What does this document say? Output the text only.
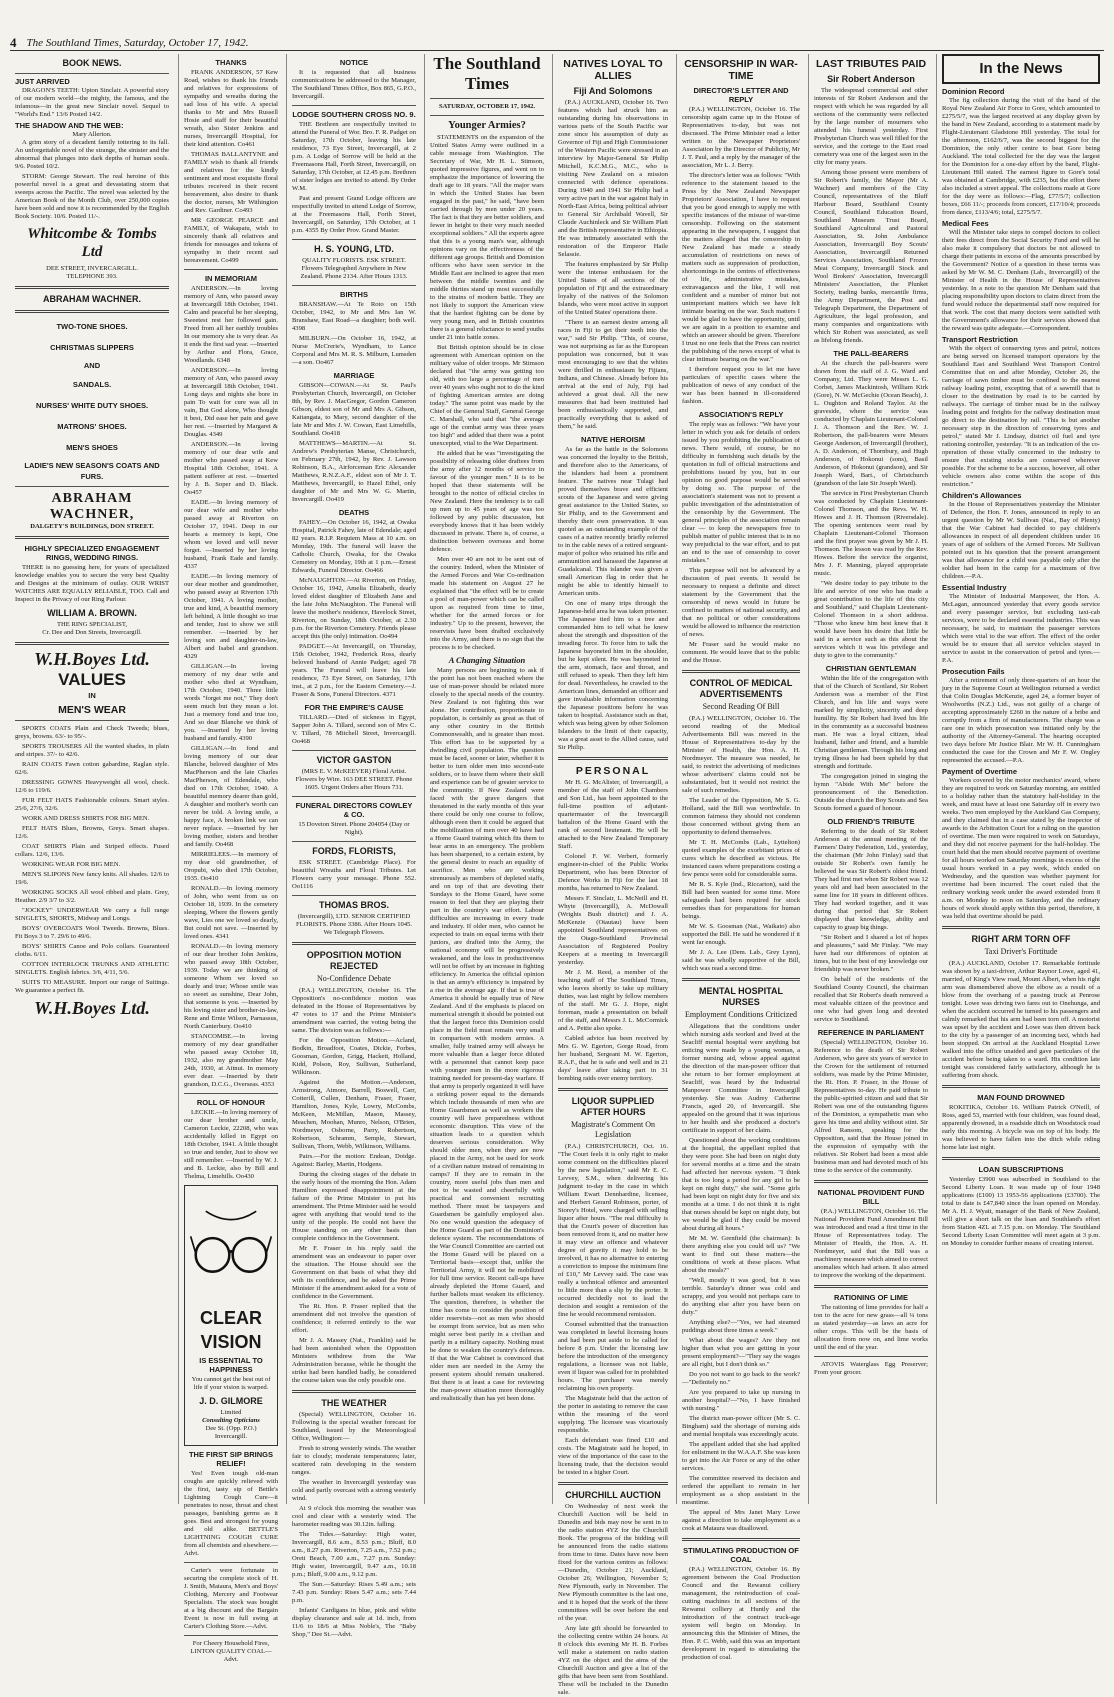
4 The Southland Times, Saturday, October 17, 1942.
BOOK NEWS.
JUST ARRIVED

DRAGON'S TEETH: Upton Sinclair. A powerful story of our modern world—the mighty, the famous, and the infamous—in the great new Sinclair novel. Sequel to "World's End." 13/6 Posted 14/2.

THE SHADOW AND THE WEB:
Mary Allerton.

A grim story of a decadent family tottering to its fall. An unforgettable novel of the strange, the sinister and the abnormal that plunges into dark depths of human souls. 9/6. Posted 10/2.

STORM: George Stewart. The real heroine of this powerful novel is a great and devastating storm that sweeps across the Pacific. The novel was selected by the American Book of the Month Club, over 250,000 copies have been sold and now it is recommended by the English Book Society. 10/6. Posted 11/-.

Whitcombe & Tombs Ltd
DEE STREET, INVERCARGILL.
TELEPHONE 393.
ABRAHAM WACHNER.
TWO-TONE SHOES.
CHRISTMAS SLIPPERS
AND
SANDALS.
NURSES' WHITE DUTY SHOES.
MATRONS' SHOES.
MEN'S SHOES
LADIE'S NEW SEASON'S COATS AND FURS.
ABRAHAM WACHNER,
DALGETY'S BUILDINGS, DON STREET.
HIGHLY SPECIALIZED ENGAGEMENT RINGS, WEDDING RINGS.

THERE is no guessing here, for years of specialized knowledge enables you to secure the very best Quality and Designs at the minimum of outlay. OUR WRIST WATCHES ARE EQUALLY RELIABLE, TOO. Call and Inspect in the Privacy of our Ring Parlour.

WILLIAM A. BROWN.
THE RING SPECIALIST,
Cr. Dee and Don Streets, Invercargill.
W.H.Boyes Ltd.
VALUES
IN
MEN'S WEAR

SPORTS COATS Plain and Check Tweeds; blues, greys, browns. 63/- to 95/-.

SPORTS TROUSERS All the wanted shades, in plain and stripes. 37/- to 42/6.

RAIN COATS Fawn cotton gabardine, Raglan style. 62/6.

DRESSING GOWNS Heavyweight all wool, check. 12/6 to 119/6.

FUR FELT HATS Fashionable colours. Smart styles. 25/6, 27/6, 32/6.

WORK AND DRESS SHIRTS FOR BIG MEN.

FELT HATS Blues, Browns, Greys. Smart shapes. 12/6.

COAT SHIRTS Plain and Striped effects. Fused collars. 12/6, 13/6.

WORKING WEAR FOR BIG MEN.

MEN'S SLIPONS New fancy knits. All shades. 12/6 to 19/6.

WORKING SOCKS All wool ribbed and plain. Grey, Heather. 2/9 3/7 to 3/2.

"JOCKEY" UNDERWEAR We carry a full range SINGLETS, SHORTS, Midway and Longs.

BOYS' OVERCOATS Wool Tweeds. Browns, Blues. Fit Boys 3 to 7. 29/6 to 49/6.

BOYS' SHIRTS Canoe and Polo collars. Guaranteed cloths. 6/11.

COTTON INTERLOCK TRUNKS AND ATHLETIC SINGLETS. English fabrics. 3/6, 4/11, 5/6.

SUITS TO MEASURE. Import our range of Suitings. We guarantee a perfect fit.

W.H.Boyes Ltd.
THANKS

FRANK ANDERSON, 57 Kew Road, wishes to thank his friends and relatives for expressions of sympathy and wreaths during the sad loss of his wife. A special thanks to Mr and Mrs Russell Hosie and staff for their beautiful wreath, also Sister Jenkins and nurses, Invercargill Hospital, for their kind attention. Co461

THOMAS BALLANTYNE and FAMILY wish to thank all friends and relatives for the kindly sentiment and most exquisite floral tributes received in their recent bereavement, also desire to thank the doctor, nurses, Mr Withington and Rev. Gardiner. Co493

MR GEORGE PEARCE and FAMILY, of Wakapatu, wish to sincerely thank all relatives and friends for messages and tokens of sympathy in their recent sad bereavement. Co499

IN MEMORIAM

ANDERSON.—In loving memory of Ann, who passed away at Invercargill 18th October, 1941. Calm and peaceful be her sleeping, Sweetest rest her followed gain. Freed from all her earthly troubles In our memory she is very dear. As it ends the first sad year. —Inserted by Arthur and Flora, Grace, Woodlands. 6348

ANDERSON.—In loving memory of Ann, who passed away at Invercargill 18th October, 1941. Long days and nights she bore in pain To wait for cure was all in vain, But God alone, Who thought it best, Did ease her pain and gave her rest. —Inserted by Margaret & Douglas. 4349

ANDERSON.—In loving memory of our dear wife and mother who passed away at Kew Hospital 18th October, 1941. A patient sufferer at rest. —Inserted by J. B. Soper and D. Black. Oo457

EADE.—In loving memory of our dear wife and mother who passed away at Riverton on October 17, 1941. Deep in our hearts a memory is kept, One whom we loved and will never forget. —Inserted by her loving husband, Frank Eade and family. 4337

EADE.—In loving memory of our dear mother and grandmother, who passed away at Riverton 17th October, 1941. A loving mother, true and kind, A beautiful memory left behind, A little thought so true and tender, Just to show we still remember. —Inserted by her loving son and daughter-in-law, Albert and Isabel and grandson. 4329

GILLIGAN.—In loving memory of my dear wife and mother who died at Wyndham, 17th October, 1940. Three little words "forget me not," They don't seem much but they mean a lot. Just a memory fond and true too, And so dear Blanche we think of you. —Inserted by her loving husband and family. 4390

GILLIGAN.—In fond and loving memory of our dear Blanche, beloved daughter of Mrs MacPherson and the late Charles MacPherson, of Edendale, who died on 17th October, 1940. A beautiful memory dearer than gold, A daughter and mother's worth can never be told. A loving smile, a happy face, A broken link we can never replace. —Inserted by her loving mother, sisters and brother and family. Oo468

MIRRIELEES.—In memory of my dear old grandmother, of Oropubi, who died 17th October, 1935. Oo410

RONALD.—In loving memory of John, who went from us on October 18, 1939. In the cemetery sleeping, Where the flowers gently wave, Lies one we loved so dearly, But could not save. —Inserted by loved ones. 4341

RONALD.—In loving memory of our dear brother John Jenkins, who passed away 18th October, 1939. Today we are thinking of someone Whom we loved so dearly and true; Whose smile was so sweet as sunshine, Dear John, that someone is you. —Inserted by his loving sister and brother-in-law, Rene and Ernie Wilson, Parnassus, North Canterbury. Oo410

STANCOMBE.—In loving memory of my dear grandfather who passed away October 18, 1932, also my grandmother May 24th, 1930, at Aitnui. In memory ever dear. —Inserted by their grandson, D.C.G., Overseas. 4353

ROLL OF HONOUR

LECKIE.—In loving memory of our dear brother and uncle, Cameron Leckie, 22208, who was accidentally killed in Egypt on 18th October, 1941. A little thought so true and tender, Just to show we still remember. —Inserted by W. J. and B. Leckie, also by Bill and Thelma, Limehills. Oo430

CLEAR
VISION
IS ESSENTIAL TO HAPPINESS

You cannot get the best out of life if your vision is warped.

J. D. GILMORE
Limited
Consulting Opticians
Dee St. (Opp. P.O.) Invercargill.
THE FIRST SIP BRINGS RELIEF!

Yes! Even tough old-man coughs are quickly relieved with the first, tasty sip of Bettle's Lightning Cough Cure—it penetrates to nose, throat and chest passages, banishing germs as it goes. Best and strongest for young and old alike. BETTLE'S LIGHTNING COUGH CURE from all chemists and elsewhere.—Advt.

Carter's were fortunate in securing the complete stock of H. J. Smith, Mataura, Men's and Boys' Clothing, Mercery and Footwear Specialists. The stock was bought at a big discount and the Bargain Event is now in full swing at Carter's Clothing Store.—Advt.

For Cheery Household Fires, LINTON QUALITY COAL—Advt.

NOTICE

It is requested that all business communications be addressed to the Manager, The Southland Times Office, Box 865, G.P.O., Invercargill.

LODGE SOUTHERN CROSS NO. 9.

THE Brethren are respectfully invited to attend the Funeral of Wor. Bro. F. R. Padget on Saturday, 17th October, leaving his late residence, 73 Eye Street, Invercargill, at 2 p.m. A Lodge of Sorrow will be held at the Freemasons Hall, Forth Street, Invercargill, on Saturday, 17th October, at 12.45 p.m. Brethren of sister lodges are invited to attend. By Order W.M.

Past and present Grand Lodge officers are respectfully invited to attend Lodge of Sorrow, at the Freemasons Hall, Forth Street, Invercargill, on Saturday, 17th October, at 1 p.m. 4355 By Order Prov. Grand Master.

H. S. YOUNG, LTD.

QUALITY FLORISTS. ESK STREET. Flowers Telegraphed Anywhere in New Zealand. Phone 2134. After Hours 1313.

BIRTHS

BRANSHAW.—At Te Roto on 15th October, 1942, to Mr and Mrs Ian W. Branshaw, East Road—a daughter; both well. 4398

MILBURN.—On October 16, 1942, at Nurse McCrerie's, Wyndham, to Lance Corporal and Mrs M. R. S. Milburn, Lumsden—a son. Oo467

MARRIAGE

GIBSON—COWAN.—At St. Paul's Presbyterian Church, Invercargill, on October 8th, by Rev. J. MacGregor, Gordon Cameron Gibson, eldest son of Mr and Mrs A. Gibson, Kaitangata, to Mary, second daughter of the late Mr and Mrs J. W. Cowan, East Limehills, Southland. Oo418

MATTHEWS—MARTIN.—At St. Andrew's Presbyterian Manse, Christchurch, on February 27th, 1942, by Rev. J. Lawson Robinson, B.A., Airforceman Eric Alexander Matthews, R.N.Z.A.F., eldest son of Mr J. T. Matthews, Invercargill, to Hazel Ethel, only daughter of Mr and Mrs W. G. Martin, Invercargill. Oo419

DEATHS

FAHEY.—On October 16, 1942, at Owaka Hospital, Patrick Fahey, late of Edendale; aged 82 years. R.I.P. Requiem Mass at 10 a.m. on Monday, 19th. The funeral will leave the Catholic Church, Owaka, for the Owaka Cemetery on Monday, 19th at 1 p.m.—Ernest Edwards, Funeral Director. Oo466

McNAUGHTON.—At Riverton, on Friday, October 16, 1942, Amelia Elizabeth, dearly loved eldest daughter of Elizabeth Jane and the late John McNaughton. The Funeral will leave the mother's residence, Havelock Street, Riverton, on Sunday, 18th October, at 2.30 p.m. for the Riverton Cemetery. Friends please accept this (the only) intimation. Oo494

PADGET.—At Invercargill, on Thursday, 15th October, 1942, Frederick Ross, dearly beloved husband of Annie Padget; aged 78 years. The Funeral will leave his late residence, 73 Eye Street, on Saturday, 17th inst., at 2 p.m., for the Eastern Cemetery.—J. Fraser & Sons, Funeral Directors. 4371

FOR THE EMPIRE'S CAUSE

TILLARD.—Died of sickness in Egypt, Sapper John A. Tillard, second son of Mrs C. V. Tillard, 78 Mitchell Street, Invercargill. Oo468

VICTOR GASTON

(MRS E. V. McKEEVER) Floral Artist. Flowers by Wire. 163 DEE STREET. Phone 1605. Urgent Orders after Hours 731.

FUNERAL DIRECTORS COWLEY & CO.

15 Doveton Street. Phone 204054 (Day or Night).

FORDS, FLORISTS,

ESK STREET. (Cambridge Place). For beautiful Wreaths and Floral Tributes. Let Flowers carry your message. Phone 552. Oo1116

THOMAS BROS.

(Invercargill), LTD. SENIOR CERTIFIED FLORISTS. Phone 3386. After Hours 1045. We Telegraph Flowers.

OPPOSITION MOTION REJECTED
No-Confidence Debate

(P.A.) WELLINGTON, October 16. The Opposition's no-confidence motion was defeated in the House of Representatives by 47 votes to 17 and the Prime Minister's amendment was carried, the voting being the same. The division was as follows:—

For the Opposition Motion.—Acland, Bodkin, Broadfoot, Coates, Dickie, Forbes, Goosman, Gordon, Grigg, Hackett, Holland, Kidd, Polson, Roy, Sullivan, Sutherland, Wilkinson.

Against the Motion.—Anderson, Armstrong, Atmore, Barrell, Boswell, Carr, Cotterill, Cullen, Denham, Fraser, Fraser, Hamilton, Jones, Kyle, Lowry, McCombs, McKeen, McMillan, Mason, Massey, Meachen, Moohan, Munro, Nelson, O'Brien, Nordmeyer, Osborne, Parry, Robertson, Robertson, Schramm, Semple, Stewart, Sullivan, Thorn, Webb, Wilkinson, Williams.

Pairs.—For the motion: Endean, Doidge. Against: Barley, Martin, Hodgens.

During the closing stages of the debate in the early hours of the morning the Hon. Adam Hamilton expressed disappointment at the failure of the Prime Minister to put his amendment. The Prime Minister said he would agree with anything that would tend to the unity of the people. He could not have the House standing on any other basis than complete confidence in the Government.

Mr F. Fraser in his reply said the amendment was an endeavour to paper over the situation. The House should see the Government on that basis of what they did with its confidence, and he asked the Prime Minister if the amendment asked for a vote of confidence in the Government.

The Rt. Hon. P. Fraser replied that the amendment did not involve the question of confidence; it referred entirely to the war effort.

Mr J. A. Massey (Nat., Franklin) said he had been astonished when the Opposition Ministers withdrew from the War Administration because, while he thought the strike had been handled badly, he considered the course taken was the only possible one.

THE WEATHER

(Special) WELLINGTON, October 16. Following is the special weather forecast for Southland, issued by the Meteorological Office, Wellington:—

Fresh to strong westerly winds. The weather fair to cloudy; moderate temperatures; later, scattered rain developing in the western ranges.

The weather in Invercargill yesterday was cold and partly overcast with a strong westerly wind.

At 9 o'clock this morning the weather was cool and clear with a westerly wind. The barometer reading was 30.12in. falling.

The Tides.—Saturday: High water, Invercargill, 8.6 a.m., 8.53 p.m.; Bluff, 8.0 a.m., 8.27 p.m. Riverton, 7.25 a.m., 7.52 p.m.; Oreti Beach, 7.00 a.m., 7.27 p.m. Sunday: High water, Invercargill, 9.47 a.m., 10.18 p.m.; Bluff, 9.00 a.m., 9.12 p.m.

The Sun.—Saturday: Rises 5.49 a.m.; sets 7.43 p.m. Sunday: Rises 5.47 a.m.; sets 7.44 p.m.

Infants' Cardigans in blue, pink and white display clearance and sale at 1d. inch, from 11/6 to 18/6 at Miss Noble's, The "Baby Shop," Dee St.—Advt.

The Southland Times
SATURDAY, OCTOBER 17, 1942.
Younger Armies?

STATEMENTS on the expansion of the United States Army were outlined in a cable message from Washington. The Secretary of War, Mr H. L. Stimson, quoted impressive figures, and went on to emphasize the importance of lowering the draft age to 18 years. "All the major wars in which the United States has been engaged in the past," he said, "have been carried through by men under 20 years. The fact is that they are better soldiers, and fewer in height to their very much needed exceptional soldiers." All the experts agree that this is a young man's war, although opinions vary on the effectiveness of the different age groups. British and Dominion officers who have seen service in the Middle East are inclined to agree that men between the middle twenties and the middle thirties stand up most successfully to the strains of modern battle. They are not likely to support the American view that the hardest fighting can be done by very young men, and in British countries there is a general reluctance to send youths under 21 into battle zones.

But British opinion should be in close agreement with American opinion on the military value of older troops. Mr Stimson declared that "the army was getting too old, with too large a percentage of men over 40 years who ought not to do the kind of fighting American armies are doing today." The same point was made by the Chief of the General Staff, General George C. Marshall, who said that "the average age of the combat army was three years too high" and added that there was a point unexcepted, vital to the War Department.

He added that he was "investigating the possibility of releasing older draftees from the army after 12 months of service in favour of the younger men." It is to be hoped that these statements will be brought to the notice of official circles in New Zealand. Here the tendency is to call up men up to 45 years of age was too followed by any public discussion, but everybody knows that it has been widely discussed in private. There is, of course, a distinction between overseas and home defence.

Men over 40 are not to be sent out of the country. Indeed, when the Minister of the Armed Forces and War Co-ordination made his statement on August 27 he explained that "the effect will be to create a pool of man-power which can be called upon as required from time to time, whether for the armed forces or for industry." Up to the present, however, the reservists have been drafted exclusively into the Army, and there is no sign that the process is to be checked.

A Changing Situation

Many persons are beginning to ask if the point has not been reached where the use of man-power should be related more closely to the special needs of the country. New Zealand is not fighting this war alone. Her contribution, proportionate to population, is certainly as great as that of any other country in the British Commonwealth, and is greater than most. This effort has to be supported by a dwindling civil population. The question must be faced, sooner or later, whether it is better to turn older men into second-rate soldiers, or to leave them where their skill and experience can be of greater service to the community. If New Zealand were faced with the grave dangers that threatened in the early months of this year there could be only one course to follow, although even then it could be argued that the mobilization of men over 40 have had a Home Guard training which fits them to bear arms in an emergency. The problem has been sharpened, to a certain extent, by the general desire to reach an equality of sacrifice. Men who are working strenuously as members of depleted staffs, and on top of that are devoting their Sundays to the Home Guard, have some reason to feel that they are playing their part in the country's war effort. Labour difficulties are increasing in every trade and industry. If older men, who cannot be expected to train on equal terms with their juniors, are drafted into the Army, the national economy will be progressively weakened, and the loss in productiveness will not be offset by an increase in fighting efficiency. In America the official opinion is that an army's efficiency is impaired by a rise in the average age. If that is true of America it should be equally true of New Zealand. And if the emphasis is placed on numerical strength it should be pointed out that the largest force this Dominion could place in the field must remain very small in comparison with modern armies. A smaller, fully trained army will always be more valuable than a larger force diluted with a personnel that cannot keep pace with younger men in the more rigorous training needed for present-day warfare. If that army is properly organized it will have a striking power equal to the demands which include thousands of men who are Home Guardsmen as well as workers the country will have preparedness without economic disruption. This view of the situation leads to a question which deserves serious consideration. Why should older men, when they are now placed in the Army, not be used for work of a civilian nature instead of remaining in camps? If they are to remain in the country, more useful jobs than men and not to be wasted and cheerfully with practical and convenient recruiting method. There must be taxpayers and Guardsmen be gainfully employed also. No one would question the adequacy of the Home Guard as part of the Dominion's defence system. The recommendations of the War Council Committee are carried out the Home Guard will be placed on a Territorial basis—except that, unlike the Territorial Army, it will not be mobilized for full time service. Recent call-ups have already depleted the Home Guard, and further ballots must weaken its efficiency. The question, therefore, is whether the time has come to consider the position of older reservists—not as men who should be exempt from service, but as men who might serve best partly in a civilian and partly in a military capacity. Nothing must be done to weaken the country's defences. If that the War Cabinet is convinced that older men are needed in the Army the present system should remain unaltered. But there is at least a case for reviewing the man-power situation more thoroughly and realistically than has yet been done.

NATIVES LOYAL TO ALLIES
Fiji And Solomons

(P.A.) AUCKLAND, October 16. Two features which had struck him as outstanding during his observations in various parts of the South Pacific war zone since his assumption of duty as Governor of Fiji and High Commissioner of the Western Pacific were stressed in an interview by Major-General Sir Philip Mitchell, K.C.M.G., M.C., who is visiting New Zealand on a mission connected with defence operations. During 1940 and 1941 Sir Philip had a very active part in the war against Italy in North-East Africa, being political adviser to General Sir Archibald Wavell, Sir Claude Auchinleck and Sir William Platt and the British representative in Ethiopia. He was intimately associated with the restoration of the Emperor Haile Selassie.

The features emphasized by Sir Philip were the intense enthusiasm for the United States of all sections of the population of Fiji and the extraordinary loyalty of the natives of the Solomon Islands, who were most active in support of the United States' operations there.

"There is an earnest desire among all races in Fiji to get their teeth into the war," said Sir Philip. "This, of course, was not surprising as far as the European population was concerned, but it was most encouraging to see that the whites were thrilled in enthusiasm by Fijians, Indians, and Chinese. Already before his arrival at the end of July, Fiji had achieved a great deal. All the new measures that had been instituted had been enthusiastically supported, and practically everything that is asked of them," he said.

NATIVE HEROISM

As far as the battle in the Solomons was concerned the loyalty to the British, and therefore also to the Americans, of the islanders had been a prominent feature. The natives near Tulagi had proved themselves brave and efficient scouts of the Japanese and were giving great assistance to the United States, so Sir Philip, and to the Government and thereby their own preservation. It was quoted as an outstanding example of the cases of a native recently briefly referred to in the cable news of a retired sergeant-major of police who retained his rifle and ammunition and harassed the Japanese at Guadalcanal. This islander was given a small American flag in order that he might be able to identify himself to American units.

On one of many trips through the Japanese-held area he was taken prisoner. The Japanese tied him to a tree and commanded him to tell what he knew about the strength and disposition of the invading force. To force him to talk the Japanese bayoneted him in the shoulder, but he kept silent. He was bayoneted in the arm, stomach, face and throat, and still refused to speak. Then they left him for dead. Nevertheless, he crawled to the American lines, demanded an officer and gave invaluable information concerning the Japanese positions before he was taken to hospital. Assistance such as that, which was being given by other Solomon Islanders to the limit of their capacity, was a great asset to the Allied cause, said Sir Philip.

PERSONAL

Mr H. G. McAlister, of Invercargill, a member of the staff of John Chambers and Son Ltd., has been appointed to the full-time position of adjutant-quartermaster of the Invercargill battalion of the Home Guard with the rank of second lieutenant. He will be attached to the New Zealand Temporary Staff.

Colonel F. W. Verbert, formerly engineer-in-chief of the Public Works Department, who has been Director of Defence Works in Fiji for the last 18 months, has returned to New Zealand.

Messrs F. Sinclair, L. McNeill and H. Whyte (Invercargill), A. McDowall (Wrights Bush district) and J. A. McKenzie (Otautau) have been appointed Southland representatives on the Otago-Southland Provincial Association of Registered Poultry Keepers at a meeting in Invercargill yesterday.

Mr J. M. Reed, a member of the teaching staff of The Southland Times, who leaves shortly to take up military duties, was last night by fellow members of the staff. Mr G. J. Hope, night foreman, made a presentation on behalf of the staff, and Messrs J. L. McCormick and A. Pettie also spoke.

Cabled advice has been received by Mrs G. W. Egerton, Gorge Road, from her husband, Sergeant M. W. Egerton, R.A.F., that he is safe and well and in 21 days' leave after taking part in 31 bombing raids over enemy territory.

LIQUOR SUPPLIED AFTER HOURS
Magistrate's Comment On Legislation

(P.A.) CHRISTCHURCH, Oct. 16. "The Court feels it is only right to make some comment on the difficulties placed by the new legislation," said Mr E. C. Levvey, S.M., when delivering his judgment to-day in the case in which William Ewart Dennhardine, licensee, and Herbert Gerard Robinson, porter, of Storey's Hotel, were charged with selling liquor after hours. "The real difficulty is that the Court's power of discretion has been removed from it, and no matter how it may view an offence and whatever degree of gravity it may hold to be involved, it has no alternative to entering a conviction to impose the minimum fine of £10," Mr Levvey said. The case was really a technical offence and amounted to little more than a slip by the porter. It occurred decidedly not to lead the decision and sought a remission of the fine he would recommend remission.

Counsel submitted that the transaction was completed in lawful licensing hours and had been put aside to be called for before 8 p.m. Under the licensing law before the introduction of the emergency regulations, a licensee was not liable, even if liquor was called for in prohibited hours. The purchaser was merely reclaiming his own property.

The Magistrate held that the action of the porter in assisting to remove the case within the meaning of the word supplying. The licensee was vicariously responsible.

Each defendant was fined £10 and costs. The Magistrate said he hoped, in view of the importance of the case to the licensing trade, that the decision would be tested in a higher Court.

CHURCHILL AUCTION

On Wednesday of next week the Churchill Auction will be held in Dunedin and bids may now be sent in to the radio station 4YZ for the Churchill Book. The progress of the bidding will be announced from the radio stations from time to time. Dates have now been fixed for the various centres as follows:—Dunedin, October 21; Auckland, October 26; Wellington, November 5; New Plymouth, early in November. The New Plymouth committee is the last one, and it is hoped that the work of the three committees will be over before the end of the year.

Any late gift should be forwarded to the collecting centre within 24 hours. At 8 o'clock this evening Mr H. B. Forbes will make a statement on radio station 4YZ on the object and the aims of the Churchill Auction and give a list of the gifts that have been sent from Southland. These will be included in the Dunedin sale.

CENSORSHIP IN WAR-TIME
DIRECTOR'S LETTER AND REPLY

(P.A.) WELLINGTON, October 16. The censorship again came up in the House of Representatives to-day, but was not discussed. The Prime Minister read a letter written to the Newspaper Proprietors' Association by the Director of Publicity, Mr J. T. Paul, and a reply by the manager of the association, Mr L. J. Berry.

The director's letter was as follows: "With reference to the statement issued to the Press by the New Zealand Newspaper Proprietors' Association, I have to request that you be good enough to supply me with specific instances of the misuse of war-time censorship. Following on the statement appearing in the newspapers, I suggest that the matters alleged that the censorship in New Zealand has made a steady accumulation of restrictions on news of matters such as suppression of production, shortcomings in the centres of effectiveness of life, administrative mistakes, extravagances and the like, I will rest confident and a number of minor but not unimportant matters which we have felt intimate bearing on the war. Such matters I would be glad to have the opportunity, until we are again in a position to examine and which an answer should be given. Therefore I trust no one feels that the Press can restrict the publishing of the news except of what is clear intimate bearing on the war."

I therefore request you to let me have particulars of specific cases where the publication of news of any conduct of the war has been banned in ill-considered fashion.

ASSOCIATION'S REPLY

The reply was as follows: "We have your letter in which you ask for details of orders issued by you prohibiting the publication of news. There would, of course, be no difficulty in furnishing such details by the quotation in full of official instructions and prohibitions issued by you, but in our opinion no good purpose would be served by doing so. The purpose of the association's statement was not to present a public investigation of the administration of the censorship by the Government. The general principles of the association remain clear — to keep the newspapers free to publish matter of public interest that is in no way prejudicial to the war effort, and to put an end to the use of censorship to cover mistakes."

This purpose will not be advanced by a discussion of past events. It would be necessary to request a definite and direct statement by the Government that the censorship of news would in future be confined to matters of national security, and that no political or other considerations would be allowed to influence the restriction of news.

Mr Fraser said he would make no comment. He would leave that to the public and the House.

CONTROL OF MEDICAL ADVERTISEMENTS
Second Reading Of Bill

(P.A.) WELLINGTON, October 16. The second reading of the Medical Advertisements Bill was moved in the House of Representatives to-day by the Minister of Health, the Hon. A. H. Nordmeyer. The measure was needed, he said, to restrict the advertising of medicines whose advertisers' claims could not be substantiated, but it would not restrict the sale of such remedies.

The Leader of the Opposition, Mr S. G. Holland, said the Bill was worthwhile. In common fairness they should not condemn those concerned without giving them an opportunity to defend themselves.

Mr T. H. McCombs (Lab., Lyttelton) quoted examples of the exorbitant prices of cures which he described as vicious. He instanced cases where preparations costing a few pence were sold for considerable sums.

Mr R. S. Kyle (Ind., Riccarton), said the Bill had been wanted for some time. More safeguards had been required for stock remedies than for preparations for human beings.

Mr W. S. Goosman (Nat., Waikato) also supported the Bill. He said he wondered if it went far enough.

Mr J. A. Lee (Dem. Lab., Grey Lynn), said he was wholly supportive of the Bill, which was read a second time.

MENTAL HOSPITAL NURSES
Employment Conditions Criticized

Allegations that the conditions under which nursing aids worked and lived at the Seacliff mental hospital were anything but enticing were made by a young woman, a former nursing aid, whose appeal against the direction of the man-power officer that she return to her former employment at Seacliff, was heard by the Industrial Manpower Committee in Invercargill yesterday. She was Audrey Catherine Francis, aged 20, of Invercargill. She appealed on the ground that it was injurious to her health and she produced a doctor's certificate in support of her claim.

Questioned about the working conditions at the hospital, the appellant replied that they were poor. She had been on night duty for several months at a time and the strain had affected her nervous system. "I think that is too long a period for any girl to be kept on night duty," she said. "Some girls had been kept on night duty for five and six months at a time. I do not think it is right that nurses should be kept on night duty, but we would be glad if they could be moved about during all hours."

Mr M. W. Grenfield (the chairman): Is there anything else you could tell us? "We want to find out these matters—the conditions of work at these places. What about the meals?"

"Well, mostly it was good, but it was terrible. Saturday's dinner was cold and scrappy, and you would not perhaps care to do anything else after you have been on duty."

Anything else?—"Yes, we had steamed puddings about three times a week."

What about the wages? Are they not higher than what you are getting in your present employment?—"They say the wages are all right, but I don't think so."

Do you not want to go back to the work?—"Definitely no."

Are you prepared to take up nursing in another hospital?—"No, I have finished with nursing."

The district man-power officer (Mr S. C. Bingham) said the shortage of nursing aids and mental hospitals was exceedingly acute.

The appellant added that she had applied for enlistment in the W.A.A.F. She was keen to get into the Air Force or any of the other services.

The committee reserved its decision and ordered the appellant to remain in her employment as a shop assistant in the meantime.

The appeal of Mrs Janet Mary Lowe against a direction to take employment as a cook at Mataura was disallowed.

STIMULATING PRODUCTION OF COAL

(P.A.) WELLINGTON, October 16. By agreement between the Coal Production Council and the Rewanui colliery management, the reintroduction of coal-cutting machines in all sections of the Rewanui colliery at Huntly and the introduction of the contract truck-age system will begin on Monday. In announcing this the Minister of Mines, the Hon. P. C. Webb, said this was an important development in regard to stimulating the production of coal.

LAST TRIBUTES PAID
Sir Robert Anderson

The widespread commercial and other interests of Sir Robert Anderson and the respect with which he was regarded by all sections of the community were reflected by the large number of mourners who attended his funeral yesterday. First Presbyterian Church was well filled for the service, and the cortege to the East road cemetery was one of the largest seen in the city for many years.

Among those present were members of Sir Robert's family, the Mayor (Mr A. Wachner) and members of the City Council, representatives of the Bluff Harbour Board, Southland County Council, Southland Education Board, Southland Museum Trust Board, Southland Agricultural and Pastoral Association, St. John Ambulance Association, Invercargill Boy Scouts' Association, Invercargill Returned Services Association, Southland Frozen Meat Company, Invercargill Stock and Wool Brokers' Association, Invercargill Ministers' Association, the Plunket Society, trading banks, mercantile firms, the Army Department, the Post and Telegraph Department, the Department of Agriculture, the legal profession, and many companies and organizations with which Sir Robert was associated, as well as lifelong friends.

THE PALL-BEARERS

At the church the pall-bearers were drawn from the staff of J. G. Ward and Company, Ltd. They were Messrs L. G. Corbet, James Mackintosh, William Kirk (Gore), N. W. McGechie (Ocean Beach), J. L. Oughton and Roland Taylor. At the graveside, where the service was conducted by Chaplain Lieutenant-Colonel J. A. Thomson and the Rev. W. J. Robertson, the pall-bearers were Messrs George Anderson, of Invercargill (brother), A. D. Anderson, of Thornbury, and Hugh Anderson, of Hokonui (sons), Basil Anderson, of Hokonui (grandson), and Sir Joseph Ward, Bart., of Christchurch (grandson of the late Sir Joseph Ward).

The service in First Presbyterian Church was conducted by Chaplain Lieutenant-Colonel Thomson, and the Revs. W. H. Howes and J. H. Thomson (Riversdale). The opening sentences were read by Chaplain Lieutenant-Colonel Thomson and the first prayer was given by Mr J. H. Thomson. The lesson was read by the Rev. Howes. Before the service the organist, Mrs J. F. Manning, played appropriate music.

"We desire today to pay tribute to the life and service of one who has made a great contribution to the life of this city and Southland," said Chaplain Lieutenant-Colonel Thomson in a short address. "Those who knew him best knew that it would have been his desire that little be said in a service such as this about the services which it was his privilege and duty to give to the community."

CHRISTIAN GENTLEMAN

Within the life of the congregation with that of the Church of Scotland, Sir Robert Anderson was a member of the First Church, and his life and ways were marked by simplicity, sincerity and deep humility. By Sir Robert had lived his life in the community as a successful business man. He was a loyal citizen, ideal husband, father and friend, and a humble Christian gentleman. Through his long and trying illness he had been upheld by that strength and fortitude.

The congregation joined in singing the hymn "Abide With Me" before the pronouncement of the Benediction. Outside the church the Boy Scouts and Sea Scouts formed a guard of honour.

OLD FRIEND'S TRIBUTE

Referring to the death of Sir Robert Anderson at the annual meeting of the Farmers' Dairy Federation, Ltd., yesterday, the chairman (Mr John Finlay) said that outside Sir Robert's own family he believed he was Sir Robert's oldest friend. They had first met when Sir Robert was 12 years old and had been associated in the same line for 18 years in different offices. They had worked together, and it was during that period that Sir Robert displayed that knowledge, ability and capacity to grasp big things.

"Sir Robert and I shared a lot of hopes and pleasures," said Mr Finlay. "We may have had our differences of opinion at times, but to the best of my knowledge our friendship was never broken."

On behalf of the residents of the Southland County Council, the chairman recalled that Sir Robert's death removed a most valuable citizen of the province and one who had given long and devoted service to Southland.

REFERENCE IN PARLIAMENT

(Special) WELLINGTON, October 16. Reference to the death of Sir Robert Anderson, who gave six years of service to the Crown for the settlement of returned soldiers, was made by the Prime Minister, the Rt. Hon. P. Fraser, in the House of Representatives to-day. He paid tribute to the public-spirited citizen and said that Sir Robert was one of the outstanding figures of the Dominion, a sympathetic man who gave his time and ability without stint. Sir Alfred Ransom, speaking for the Opposition, said that the House joined in the expression of sympathy with the relatives. Sir Robert had been a most able business man and had devoted much of his time to the service of the community.

NATIONAL PROVIDENT FUND BILL

(P.A.) WELLINGTON, October 16. The National Provident Fund Amendment Bill was introduced and read a first time in the House of Representatives today. The Minister of Health, the Hon. A. H. Nordmeyer, said that the Bill was a machinery measure which aimed to correct anomalies which had arisen. It also aimed to improve the working of the department.

RATIONING OF LIME

The rationing of lime provides for half a ton to the acre for new grass—all ¼ tons as stated yesterday—as laws an acre for other crops. This will be the basis of allocation from now on, and lime works until the end of the year.

ATOVIS Waterglass Egg Preserver; From your grocer.

In the News
Dominion Record

The fig collection during the visit of the band of the Royal New Zealand Air Force to Gore, which amounted to £275/5/7, was the largest received at any display given by the band in New Zealand, according to a statement made by Flight-Lieutenant Gladstone Hill yesterday. The total for the afternoon, £162/6/7, was the second biggest for the Dominion, the only other centre to beat Gore being Auckland. The total collected for the day was the largest for the Dominion for a one-day effort by the band, Flight-Lieutenant Hill stated. The earnest figure to Gore's total was obtained at Cambridge, with £235, but the effort there also included a street appeal. The collections made at Gore for the day were as follows:—Flag, £77/5/7; collection boxes, £66 11/-; proceeds from concert, £17/10/4; proceeds from dance, £113/4/6; total, £275/5/7.

Medical Fees

Will the Minister take steps to compel doctors to collect their fees direct from the Social Security Fund and will he also make it compulsory that doctors be not allowed to charge their patients in excess of the amounts prescribed by the Government? Notice of a question in these terms was asked by Mr W. M. C. Denham (Lab., Invercargill) of the Minister of Health in the House of Representatives yesterday. In a note to the question Mr Denham said that placing responsibility upon doctors to claim direct from the fund would reduce the departmental staff now required for that work. The cost that many doctors were satisfied with the Government's allowance for their services showed that the reward was quite adequate.—Correspondent.

Transport Restriction

With the object of conserving tyres and petrol, notices are being served on licensed transport operators by the Southland East and Southland West Transport Control Committee that on and after Monday, October 26, the carriage of sawn timber must be confined to the nearest railway loading point, excepting that of a sawmill that is closer to the destination by road is to be carried by railways. The carriage of timber must be in the railway loading point and freights for the railway destination must go direct to the destination by rail. "This is but another necessary step in the direction of conserving tyres and petrol," stated Mr J. Lindsay, district oil fuel and tyre rationing controller, yesterday. "It is an indication of the co-operation of those vitally concerned in the industry to ensure that existing stocks are conserved wherever possible. For the scheme to be a success, however, all other vehicle owners also come within the scope of this restriction."

Children's Allowances

In the House of Representatives yesterday the Minister of Defence, the Hon. F. Jones, announced in reply to an urgent question by Mr W. Sullivan (Nat., Bay of Plenty) that the War Cabinet had decided to pay children's allowances in respect of all dependent children under 16 years of age of soldiers of the Armed Forces. Mr Sullivan pointed out in his question that the present arrangement was that allowance for a child was payable only after the soldier had been in the camp for a maximum of five children.—P.A.

Essential Industry

The Minister of Industrial Manpower, the Hon. A. McLagan, announced yesterday that every goods service and every passenger service, but excluding taxi-cab services, were to be declared essential industries. This was necessary, he said, to maintain the passenger services which were vital to the war effort. The effect of the order would be to ensure that all service vehicles stayed in service to assist in the conservation of petrol and tyres.—P.A.

Prosecution Fails

After a retirement of only three-quarters of an hour the jury in the Supreme Court at Wellington returned a verdict that Colin Douglas McKenzie, aged 24, a former buyer of Woolworths (N.Z.) Ltd., was not guilty of a charge of accepting approximately £260 in the nature of a bribe and corruptly from a firm of manufacturers. The charge was a rare one in which prosecution was initiated only by the authority of the Attorney-General. The hearing occupied two days before Mr Justice Blair. Mr W. H. Cunningham conducted the case for the Crown and Mr F. W. Ongley represented the accused.—P.A.

Payment of Overtime

Workers covered by the motor mechanics' award, where they are required to work on Saturday morning, are entitled to a holiday rather than the statutory half-holiday in the week, and must have at least one Saturday off in every two weeks. Two men employed by the Auckland Gas Company, and they claimed that in a case stated by the inspector of awards to the Arbitration Court for a ruling on the question of overtime. The men were required to work on Saturdays, and they did not receive payment for the half-holiday. The court held that the men should receive payment of overtime for all hours worked on Saturday mornings in excess of the usual hours worked in a pay week, which ended on Wednesday, and the question was whether payment for overtime had been incurred. The court ruled that the ordinary working week under the award extended from 8 a.m. on Monday to noon on Saturday, and the ordinary hours of work should apply within this period, therefore, it was held that overtime should be paid.

RIGHT ARM TORN OFF
Taxi Driver's Fortitude

(P.A.) AUCKLAND, October 17. Remarkable fortitude was shown by a taxi-driver, Arthur Raynor Lowe, aged 41, married, of King's View road, Mount Albert, when his right arm was dismembered above the elbow as a result of a blow from the overhang of a passing truck at Penrose tonight. Lowe was driving two fares out to Onehunga, and when the accident occurred he turned to his passengers and calmly remarked that his arm had been torn off. A motorist was upset by the accident and Lowe was then driven back to the city by a passenger of an incoming taxi, which had been stopped. On arrival at the Auckland Hospital Lowe walked into the office unaided and gave particulars of the accident before being taken to a ward. His condition late tonight was considered fairly satisfactory, although he is suffering from shock.

MAN FOUND DROWNED

ROKITIKA, October 16. William Patrick O'Neill, of Ross, aged 53, married with four children, was found dead, apparently drowned, in a roadside ditch on Woodstock road early this morning. A bicycle was on top of his body. He was believed to have fallen into the ditch while riding home late last night.

LOAN SUBSCRIPTIONS

Yesterday £3900 was subscribed in Southland to the Second Liberty Loan. It was made up of four 1948 applications (£100) 13 1953-56 applications (£3700). The total to date is £47,840 since the loan opened on Monday. Mr A. H. J. Wyatt, manager of the Bank of New Zealand, will give a short talk on the loan and Southland's effort from Station 4ZL at 7.15 p.m. on Monday. The Southland Second Liberty Loan Committee will meet again at 3 p.m. on Monday to consider further means of creating interest.
